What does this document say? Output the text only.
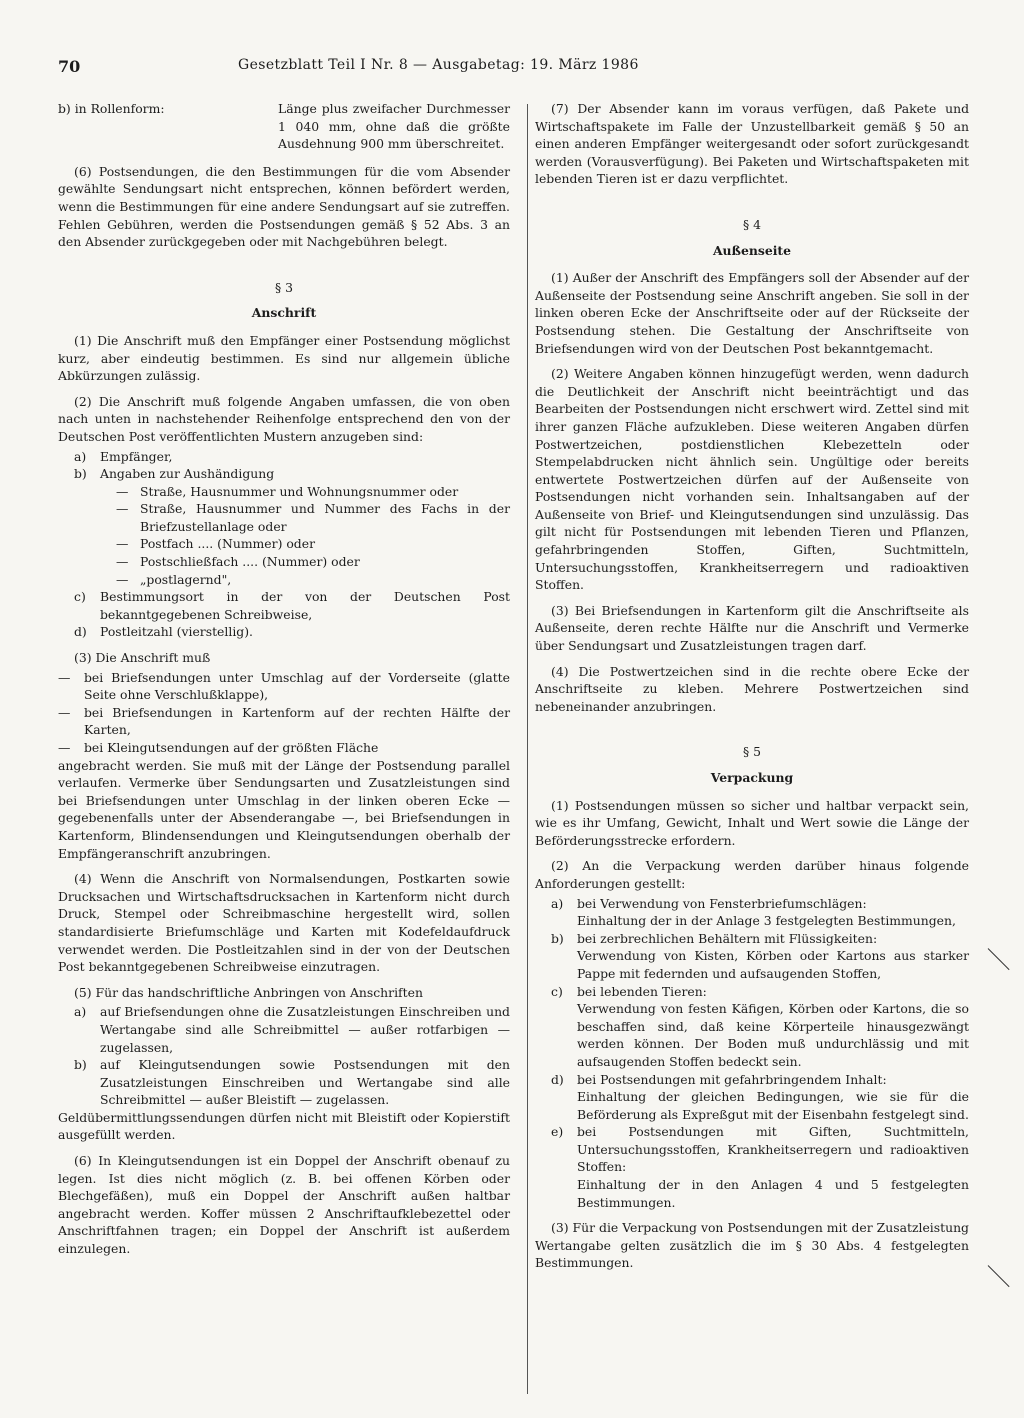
70	Gesetzblatt Teil I Nr. 8 — Ausgabetag: 19. März 1986
b) in Rollenform:	Länge plus zweifacher Durchmesser 1 040 mm, ohne daß die größte Ausdehnung 900 mm überschreitet.

(6) Postsendungen, die den Bestimmungen für die vom Absender gewählte Sendungsart nicht entsprechen, können befördert werden, wenn die Bestimmungen für eine andere Sendungsart auf sie zutreffen. Fehlen Gebühren, werden die Postsendungen gemäß § 52 Abs. 3 an den Absender zurückgegeben oder mit Nachgebühren belegt.

§ 3
Anschrift

(1) Die Anschrift muß den Empfänger einer Postsendung möglichst kurz, aber eindeutig bestimmen. Es sind nur allgemein übliche Abkürzungen zulässig.

(2) Die Anschrift muß folgende Angaben umfassen, die von oben nach unten in nachstehender Reihenfolge entsprechend den von der Deutschen Post veröffentlichten Mustern anzugeben sind:

a)	Empfänger,
b)	Angaben zur Aushändigung
— Straße, Hausnummer und Wohnungsnummer oder
— Straße, Hausnummer und Nummer des Fachs in der Briefzustellanlage oder
— Postfach .... (Nummer) oder
— Postschließfach .... (Nummer) oder
— „postlagernd",
c)	Bestimmungsort in der von der Deutschen Post bekanntgegebenen Schreibweise,
d)	Postleitzahl (vierstellig).

(3) Die Anschrift muß

—	bei Briefsendungen unter Umschlag auf der Vorderseite (glatte Seite ohne Verschlußklappe),
—	bei Briefsendungen in Kartenform auf der rechten Hälfte der Karten,
—	bei Kleingutsendungen auf der größten Fläche

angebracht werden. Sie muß mit der Länge der Postsendung parallel verlaufen. Vermerke über Sendungsarten und Zusatzleistungen sind bei Briefsendungen unter Umschlag in der linken oberen Ecke — gegebenenfalls unter der Absenderangabe —, bei Briefsendungen in Kartenform, Blindensendungen und Kleingutsendungen oberhalb der Empfängeranschrift anzubringen.

(4) Wenn die Anschrift von Normalsendungen, Postkarten sowie Drucksachen und Wirtschaftsdrucksachen in Kartenform nicht durch Druck, Stempel oder Schreibmaschine hergestellt wird, sollen standardisierte Briefumschläge und Karten mit Kodefeldaufdruck verwendet werden. Die Postleitzahlen sind in der von der Deutschen Post bekanntgegebenen Schreibweise einzutragen.

(5) Für das handschriftliche Anbringen von Anschriften

a)	auf Briefsendungen ohne die Zusatzleistungen Einschreiben und Wertangabe sind alle Schreibmittel — außer rotfarbigen — zugelassen,
b)	auf Kleingutsendungen sowie Postsendungen mit den Zusatzleistungen Einschreiben und Wertangabe sind alle Schreibmittel — außer Bleistift — zugelassen.

Geldübermittlungssendungen dürfen nicht mit Bleistift oder Kopierstift ausgefüllt werden.

(6) In Kleingutsendungen ist ein Doppel der Anschrift obenauf zu legen. Ist dies nicht möglich (z. B. bei offenen Körben oder Blechgefäßen), muß ein Doppel der Anschrift außen haltbar angebracht werden. Koffer müssen 2 Anschriftaufklebezettel oder Anschriftfahnen tragen; ein Doppel der Anschrift ist außerdem einzulegen.

(7) Der Absender kann im voraus verfügen, daß Pakete und Wirtschaftspakete im Falle der Unzustellbarkeit gemäß § 50 an einen anderen Empfänger weitergesandt oder sofort zurückgesandt werden (Vorausverfügung). Bei Paketen und Wirtschaftspaketen mit lebenden Tieren ist er dazu verpflichtet.

§ 4
Außenseite

(1) Außer der Anschrift des Empfängers soll der Absender auf der Außenseite der Postsendung seine Anschrift angeben. Sie soll in der linken oberen Ecke der Anschriftseite oder auf der Rückseite der Postsendung stehen. Die Gestaltung der Anschriftseite von Briefsendungen wird von der Deutschen Post bekanntgemacht.

(2) Weitere Angaben können hinzugefügt werden, wenn dadurch die Deutlichkeit der Anschrift nicht beeinträchtigt und das Bearbeiten der Postsendungen nicht erschwert wird. Zettel sind mit ihrer ganzen Fläche aufzukleben. Diese weiteren Angaben dürfen Postwertzeichen, postdienstlichen Klebezetteln oder Stempelabdrucken nicht ähnlich sein. Ungültige oder bereits entwertete Postwertzeichen dürfen auf der Außenseite von Postsendungen nicht vorhanden sein. Inhaltsangaben auf der Außenseite von Brief- und Kleingutsendungen sind unzulässig. Das gilt nicht für Postsendungen mit lebenden Tieren und Pflanzen, gefahrbringenden Stoffen, Giften, Suchtmitteln, Untersuchungsstoffen, Krankheitserregern und radioaktiven Stoffen.

(3) Bei Briefsendungen in Kartenform gilt die Anschriftseite als Außenseite, deren rechte Hälfte nur die Anschrift und Vermerke über Sendungsart und Zusatzleistungen tragen darf.

(4) Die Postwertzeichen sind in die rechte obere Ecke der Anschriftseite zu kleben. Mehrere Postwertzeichen sind nebeneinander anzubringen.

§ 5
Verpackung

(1) Postsendungen müssen so sicher und haltbar verpackt sein, wie es ihr Umfang, Gewicht, Inhalt und Wert sowie die Länge der Beförderungsstrecke erfordern.

(2) An die Verpackung werden darüber hinaus folgende Anforderungen gestellt:

a)	bei Verwendung von Fensterbriefumschlägen:
Einhaltung der in der Anlage 3 festgelegten Bestimmungen,
b)	bei zerbrechlichen Behältern mit Flüssigkeiten:
Verwendung von Kisten, Körben oder Kartons aus starker Pappe mit federnden und aufsaugenden Stoffen,
c)	bei lebenden Tieren:
Verwendung von festen Käfigen, Körben oder Kartons, die so beschaffen sind, daß keine Körperteile hinausgezwängt werden können. Der Boden muß undurchlässig und mit aufsaugenden Stoffen bedeckt sein.
d)	bei Postsendungen mit gefahrbringendem Inhalt:
Einhaltung der gleichen Bedingungen, wie sie für die Beförderung als Expreßgut mit der Eisenbahn festgelegt sind.
e)	bei Postsendungen mit Giften, Suchtmitteln, Untersuchungsstoffen, Krankheitserregern und radioaktiven Stoffen:
Einhaltung der in den Anlagen 4 und 5 festgelegten Bestimmungen.

(3) Für die Verpackung von Postsendungen mit der Zusatzleistung Wertangabe gelten zusätzlich die im § 30 Abs. 4 festgelegten Bestimmungen.
